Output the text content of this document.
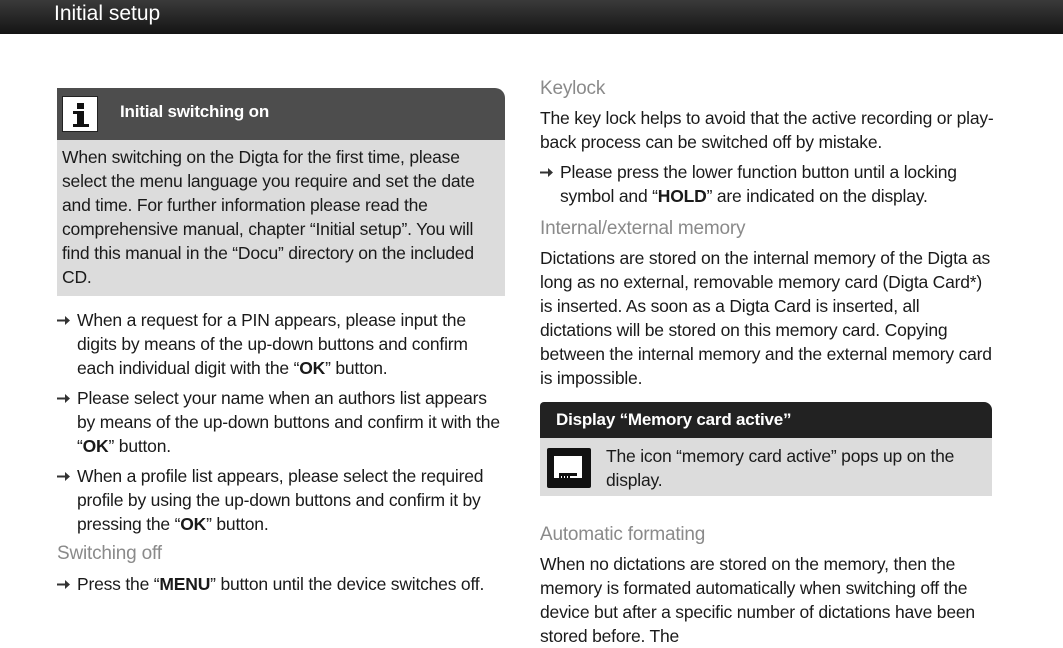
Initial setup
Initial switching on
When switching on the Digta for the first time, please select the menu language you require and set the date and time. For further information please read the comprehensive manual, chapter “Initial setup”. You will find this manual in the “Docu” directory on the included CD.
When a request for a PIN appears, please input the digits by means of the up-down buttons and confirm each individual digit with the “OK” button.
Please select your name when an authors list appears by means of the up-down buttons and confirm it with the “OK” button.
When a profile list appears, please select the required profile by using the up-down buttons and confirm it by pressing the “OK” button.
Switching off
Press the “MENU” button until the device switches off.
Keylock

The key lock helps to avoid that the active recording or play-back process can be switched off by mistake.

Please press the lower function button until a locking symbol and “HOLD” are indicated on the display.
Internal/external memory

Dictations are stored on the internal memory of the Digta as long as no external, removable memory card (Digta Card*) is inserted. As soon as a Digta Card is inserted, all dictations will be stored on this memory card. Copying between the internal memory and the external memory card is impossible.

Display “Memory card active”
The icon “memory card active” pops up on the display.
Automatic formating

When no dictations are stored on the memory, then the memory is formated automatically when switching off the device but after a specific number of dictations have been stored before. The
